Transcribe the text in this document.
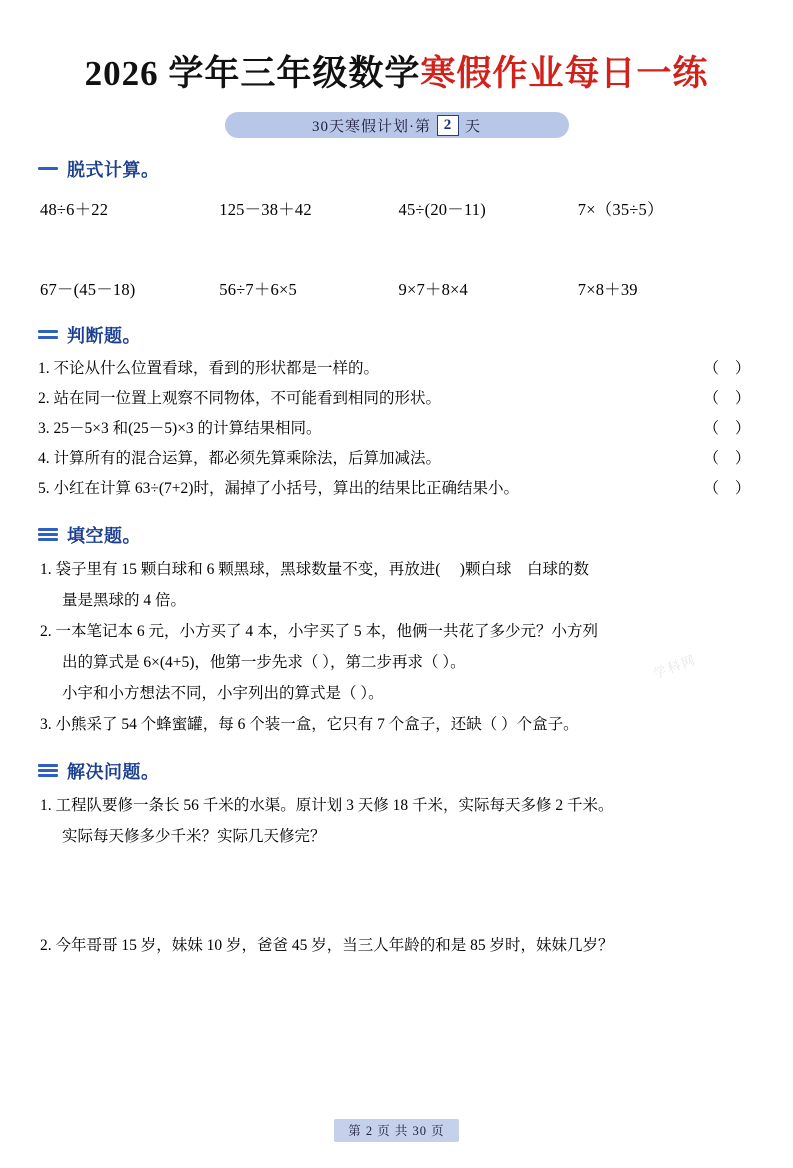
2026 学年三年级数学寒假作业每日一练
30天寒假计划·第 2 天
脱式计算。
48÷6＋22	125－38＋42	45÷(20－11)	7×（35÷5）
67－(45－18)	56÷7＋6×5	9×7＋8×4	7×8＋39
判断题。
1. 不论从什么位置看球，看到的形状都是一样的。	（ ）
2. 站在同一位置上观察不同物体，不可能看到相同的形状。	（ ）
3. 25－5×3 和(25－5)×3 的计算结果相同。	（ ）
4. 计算所有的混合运算，都必须先算乘除法，后算加减法。	（ ）
5. 小红在计算 63÷(7+2)时，漏掉了小括号，算出的结果比正确结果小。	（ ）
填空题。
1. 袋子里有 15 颗白球和 6 颗黑球，黑球数量不变，再放进(　 )颗白球　白球的数
量是黑球的 4 倍。
2. 一本笔记本 6 元，小方买了 4 本，小宇买了 5 本，他俩一共花了多少元？小方列
出的算式是 6×(4+5)，他第一步先求（ ），第二步再求（ ）。
小宇和小方想法不同，小宇列出的算式是（ ）。
3. 小熊采了 54 个蜂蜜罐，每 6 个装一盒，它只有 7 个盒子，还缺（ ）个盒子。
解决问题。
1. 工程队要修一条长 56 千米的水渠。原计划 3 天修 18 千米，实际每天多修 2 千米。
实际每天修多少千米？实际几天修完？
2. 今年哥哥 15 岁，妹妹 10 岁，爸爸 45 岁，当三人年龄的和是 85 岁时，妹妹几岁？
学科网
第 2 页 共 30 页
